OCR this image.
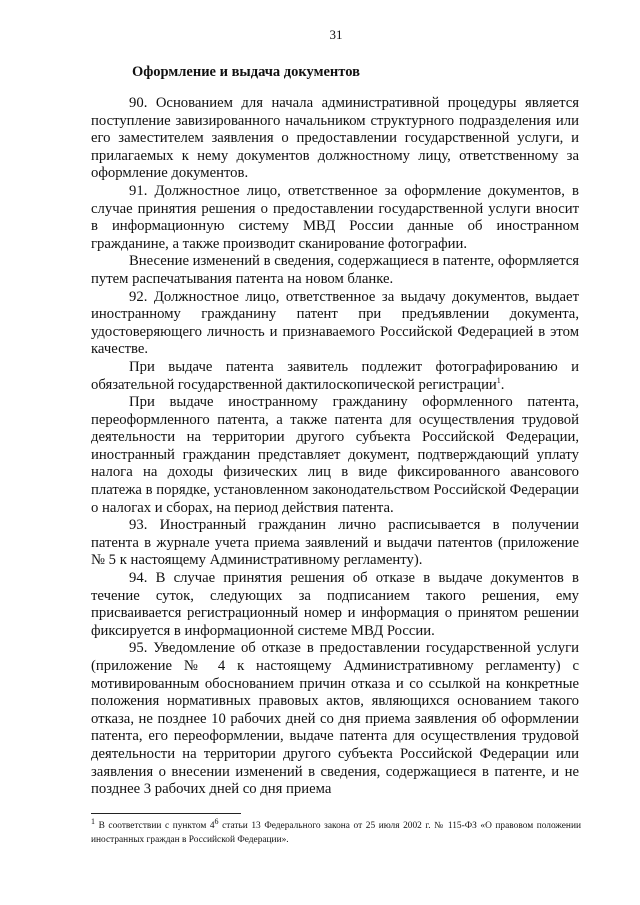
31
Оформление и выдача документов

90. Основанием для начала административной процедуры является поступление завизированного начальником структурного подразделения или его заместителем заявления о предоставлении государственной услуги, и прилагаемых к нему документов должностному лицу, ответственному за оформление документов.

91. Должностное лицо, ответственное за оформление документов, в случае принятия решения о предоставлении государственной услуги вносит в информационную систему МВД России данные об иностранном гражданине, а также производит сканирование фотографии.

Внесение изменений в сведения, содержащиеся в патенте, оформляется путем распечатывания патента на новом бланке.

92. Должностное лицо, ответственное за выдачу документов, выдает иностранному гражданину патент при предъявлении документа, удостоверяющего личность и признаваемого Российской Федерацией в этом качестве.

При выдаче патента заявитель подлежит фотографированию и обязательной государственной дактилоскопической регистрации$^1$.

При выдаче иностранному гражданину оформленного патента, переоформленного патента, а также патента для осуществления трудовой деятельности на территории другого субъекта Российской Федерации, иностранный гражданин представляет документ, подтверждающий уплату налога на доходы физических лиц в виде фиксированного авансового платежа в порядке, установленном законодательством Российской Федерации о налогах и сборах, на период действия патента.

93. Иностранный гражданин лично расписывается в получении патента в журнале учета приема заявлений и выдачи патентов (приложение № 5 к настоящему Административному регламенту).

94. В случае принятия решения об отказе в выдаче документов в течение суток, следующих за подписанием такого решения, ему присваивается регистрационный номер и информация о принятом решении фиксируется в информационной системе МВД России.

95. Уведомление об отказе в предоставлении государственной услуги (приложение № 4 к настоящему Административному регламенту) с мотивированным обоснованием причин отказа и со ссылкой на конкретные положения нормативных правовых актов, являющихся основанием такого отказа, не позднее 10 рабочих дней со дня приема заявления об оформлении патента, его переоформлении, выдаче патента для осуществления трудовой деятельности на территории другого субъекта Российской Федерации или заявления о внесении изменений в сведения, содержащиеся в патенте, и не позднее 3 рабочих дней со дня приема

$^1$ В соответствии с пунктом $4^6$ статьи 13 Федерального закона от 25 июля 2002 г. № 115-ФЗ «О правовом положении иностранных граждан в Российской Федерации».
